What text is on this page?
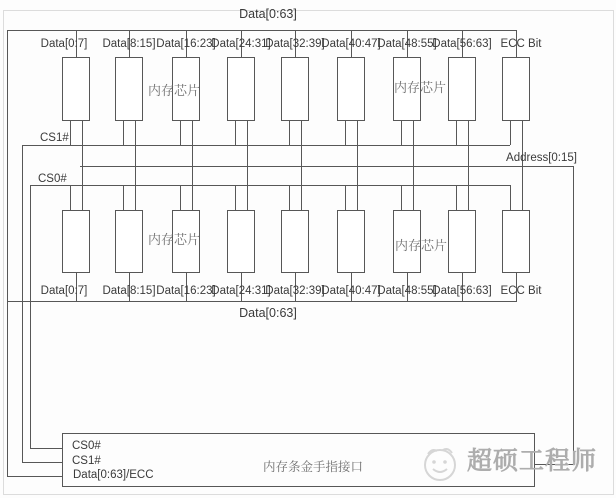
Data[0:7]
Data[0:7]
Data[8:15]
Data[8:15]
Data[16:23]
Data[16:23]
Data[24:31]
Data[24:31]
Data[32:39]
Data[32:39]
Data[40:47]
Data[40:47]
Data[48:55]
Data[48:55]
Data[56:63]
Data[56:63]
ECC Bit
ECC Bit
内存芯片	内存芯片
内存芯片	内存芯片
Data[0:63]
CS1#
CS0#
Address[0:15]
Data[0:63]
CS0#
CS1#
Data[0:63]/ECC
内存条金手指接口	超硕工程师
